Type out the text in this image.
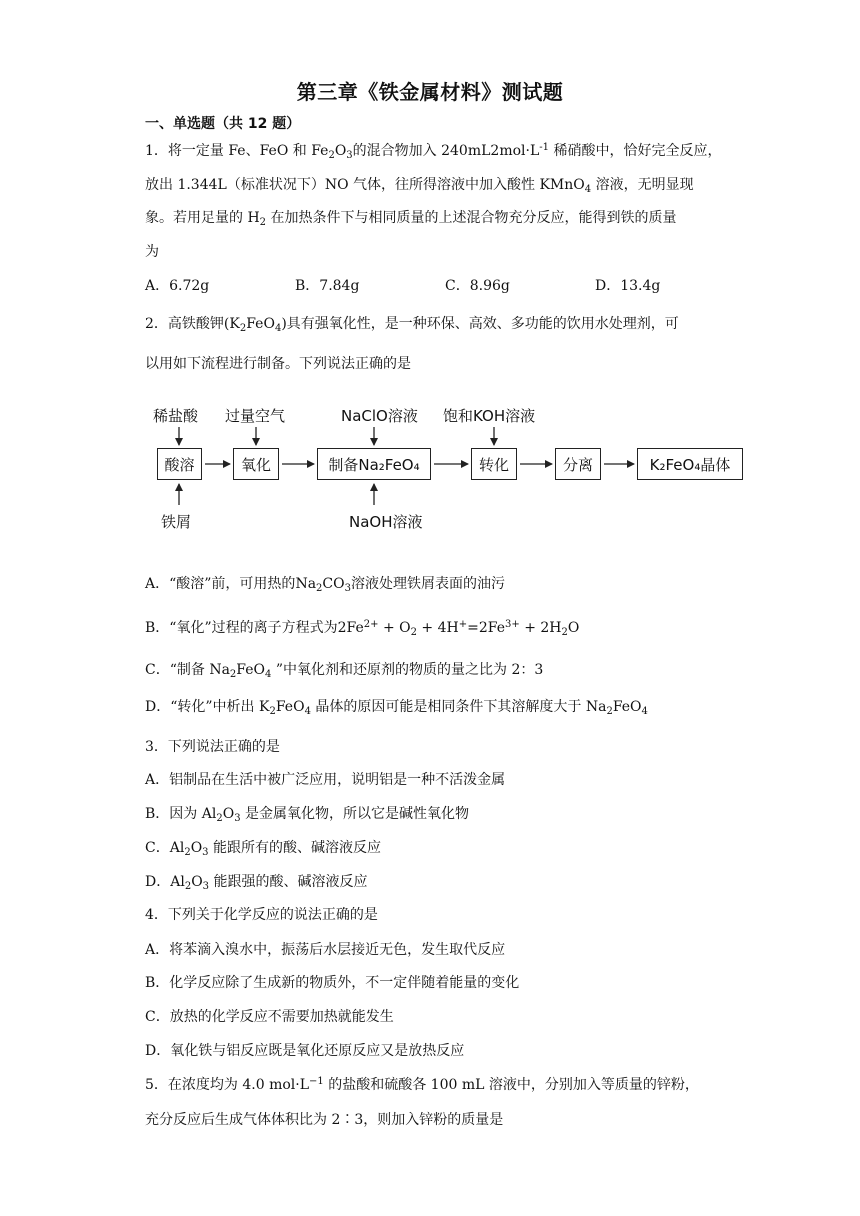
第三章《铁金属材料》测试题
一、单选题（共 12 题）
1．将一定量 Fe、FeO 和 $Fe_2O_3$的混合物加入 $240mL2mol\cdot L^{-1}$ 稀硝酸中，恰好完全反应，
放出 1.344L（标准状况下）NO 气体，往所得溶液中加入酸性 KMnO$_4$ 溶液，无明显现
象。若用足量的 $H_2$ 在加热条件下与相同质量的上述混合物充分反应，能得到铁的质量
为
A．6.72g	B．7.84g	C．8.96g	D．13.4g
2．高铁酸钾$(K_2FeO_4)$具有强氧化性，是一种环保、高效、多功能的饮用水处理剂，可
以用如下流程进行制备。下列说法正确的是
稀盐酸 过量空气	NaClO溶液 饱和KOH溶液
酸溶	氧化	制备Na₂FeO₄	转化	分离	K₂FeO₄晶体
铁屑	NaOH溶液
A．“酸溶”前，可用热的$Na_2CO_3$溶液处理铁屑表面的油污
B．“氧化”过程的离子方程式为$2Fe^{2+} + O_2 + 4H^+=2Fe^{3+} + 2H_2O$
C．“制备 $Na_2FeO_4$ ”中氧化剂和还原剂的物质的量之比为 2：3
D．“转化”中析出 $K_2FeO_4$ 晶体的原因可能是相同条件下其溶解度大于 $Na_2FeO_4$
3．下列说法正确的是
A．铝制品在生活中被广泛应用，说明铝是一种不活泼金属
B．因为 $Al_2O_3$ 是金属氧化物，所以它是碱性氧化物
C．$Al_2O_3$ 能跟所有的酸、碱溶液反应
D．$Al_2O_3$ 能跟强的酸、碱溶液反应
4．下列关于化学反应的说法正确的是
A．将苯滴入溴水中，振荡后水层接近无色，发生取代反应
B．化学反应除了生成新的物质外，不一定伴随着能量的变化
C．放热的化学反应不需要加热就能发生
D．氧化铁与铝反应既是氧化还原反应又是放热反应
5．在浓度均为 4.0 $mol\cdot L^{-1}$ 的盐酸和硫酸各 100 mL 溶液中，分别加入等质量的锌粉，
充分反应后生成气体体积比为 2∶3，则加入锌粉的质量是
